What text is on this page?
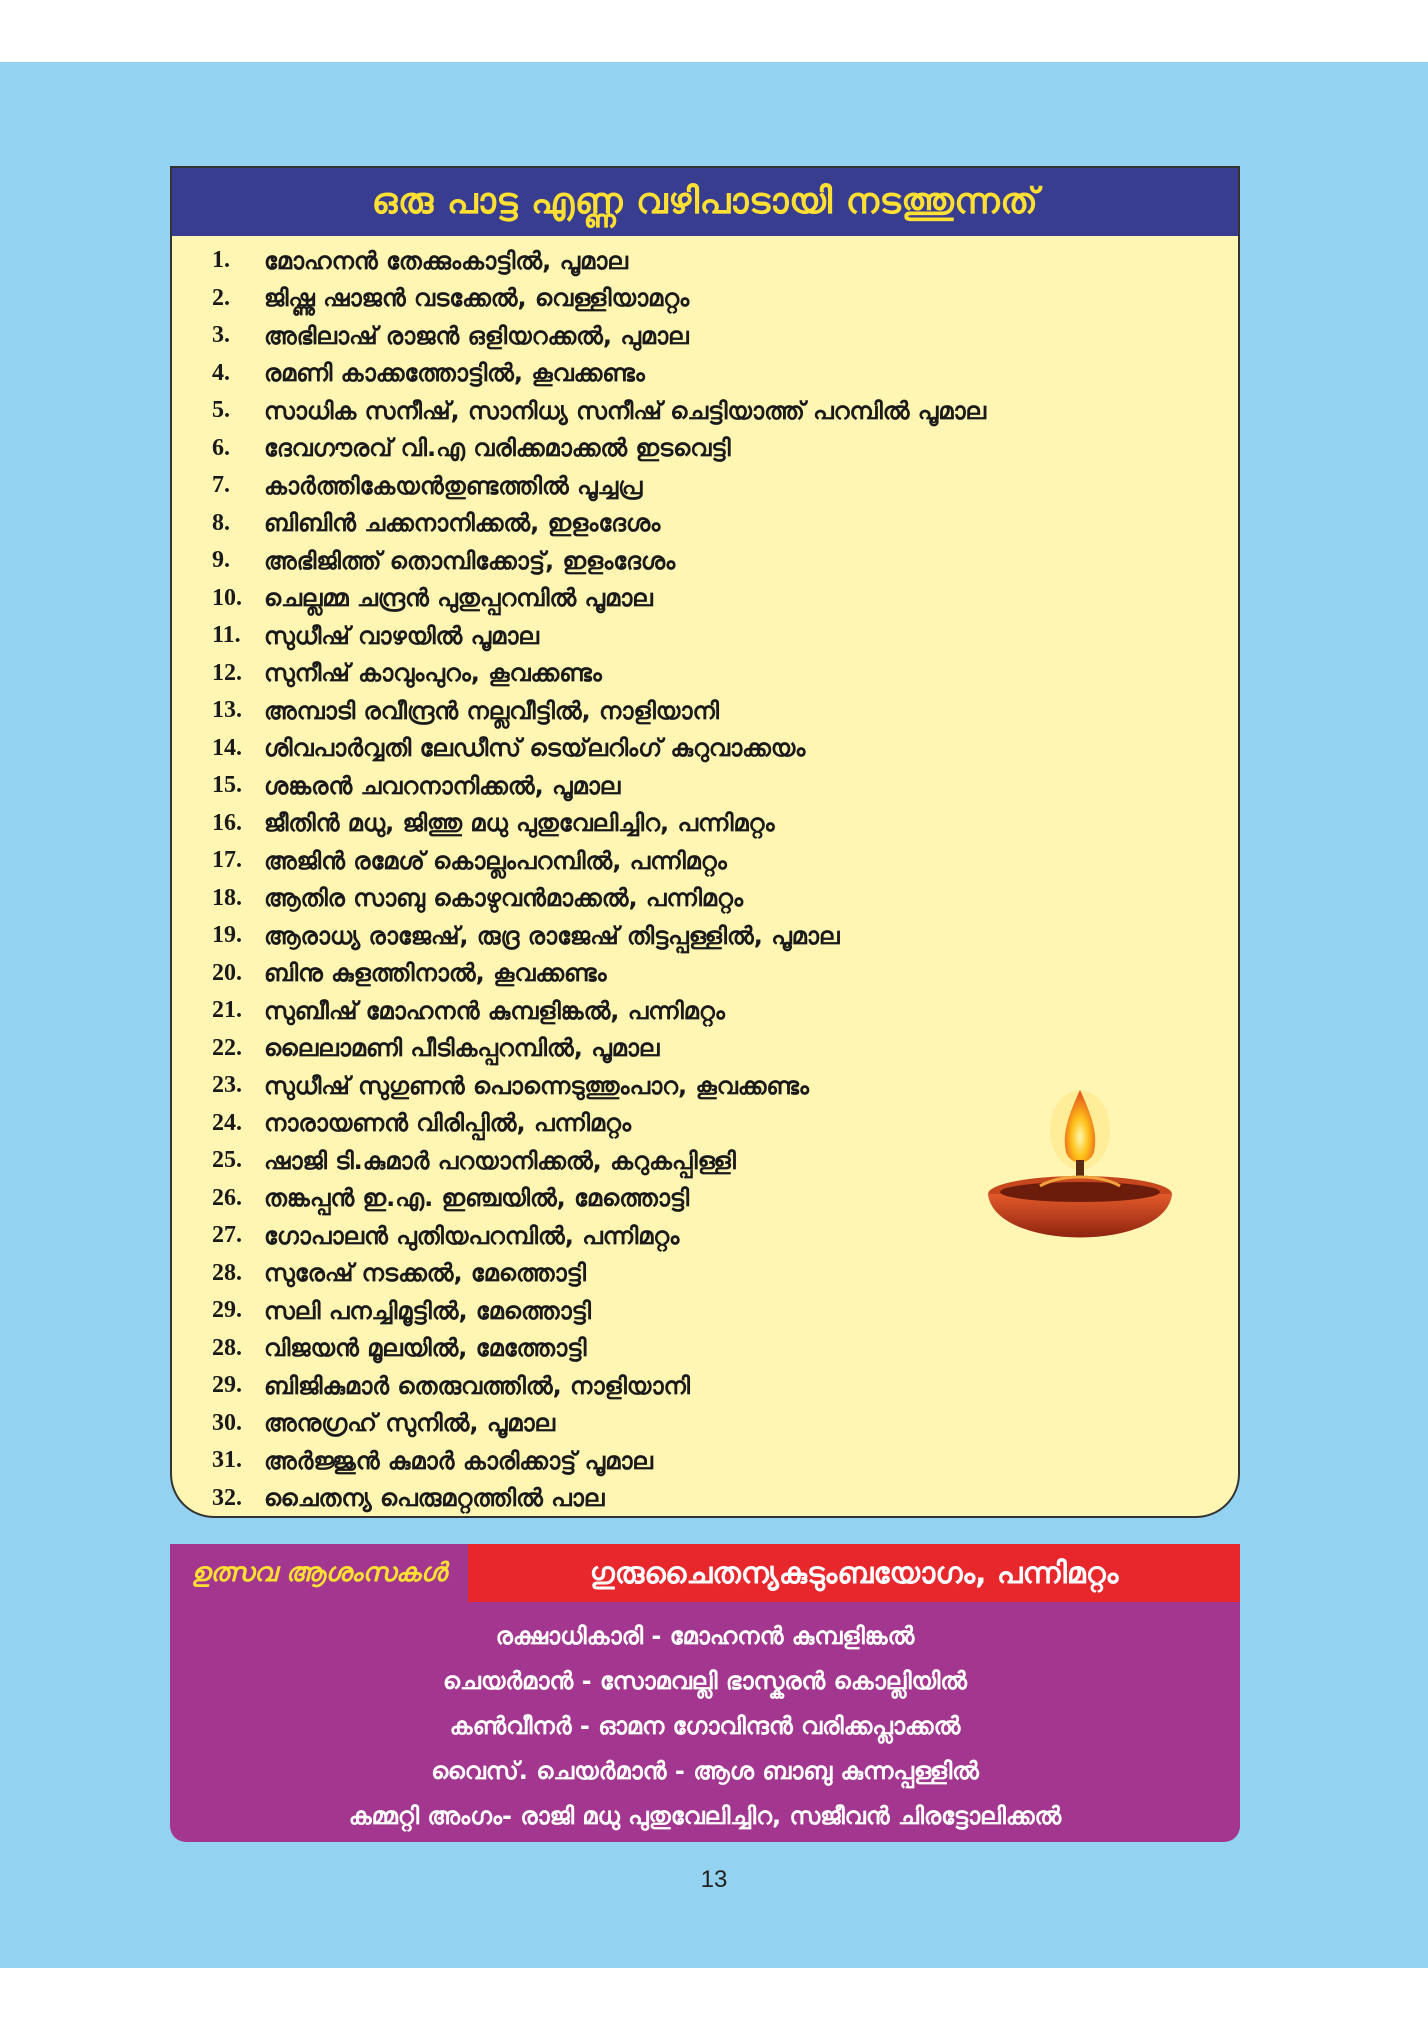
ഒരു പാട്ട എണ്ണ വഴിപാടായി നടത്തുന്നത്
1.	മോഹനൻ തേക്കുംകാട്ടിൽ, പൂമാല
2.	ജിഷ്ണു ഷാജൻ വടക്കേൽ, വെള്ളിയാമറ്റം
3.	അഭിലാഷ് രാജൻ ഒളിയറക്കൽ, പുമാല
4.	രമണി കാക്കത്തോട്ടിൽ, കൂവക്കണ്ടം
5.	സാധിക സനീഷ്, സാനിധ്യ സനീഷ് ചെട്ടിയാത്ത് പറമ്പിൽ പൂമാല
6.	ദേവഗൗരവ് വി.എ വരിക്കമാക്കൽ ഇടവെട്ടി
7.	കാർത്തികേയൻതുണ്ടത്തിൽ പൂച്ചപ്ര
8.	ബിബിൻ ചക്കനാനിക്കൽ, ഇളംദേശം
9.	അഭിജിത്ത് തൊമ്പിക്കോട്ട്, ഇളംദേശം
10. ചെല്ലമ്മ ചന്ദ്രൻ പുതുപ്പറമ്പിൽ പൂമാല
11. സുധീഷ് വാഴയിൽ പൂമാല
12. സുനീഷ് കാവുംപുറം, കൂവക്കണ്ടം
13. അമ്പാടി രവീന്ദ്രൻ നല്ലവീട്ടിൽ, നാളിയാനി
14. ശിവപാർവ്വതി ലേഡീസ് ടെയ്‌ലറിംഗ് കുറുവാക്കയം
15. ശങ്കരൻ ചവറനാനിക്കൽ, പൂമാല
16. ജീതിൻ മധു, ജിത്തു മധു പുതുവേലിച്ചിറ, പന്നിമറ്റം
17. അജിൻ രമേശ് കൊല്ലംപറമ്പിൽ, പന്നിമറ്റം
18. ആതിര സാബു കൊഴുവൻമാക്കൽ, പന്നിമറ്റം
19. ആരാധ്യ രാജേഷ്, രുദ്ര രാജേഷ് തിട്ടപ്പള്ളിൽ, പൂമാല
20. ബിനു കുളത്തിനാൽ, കൂവക്കണ്ടം
21. സുബീഷ് മോഹനൻ കുമ്പളിങ്കൽ, പന്നിമറ്റം
22. ലൈലാമണി പീടികപ്പറമ്പിൽ, പൂമാല
23. സുധീഷ് സുഗുണൻ പൊന്നെടുത്തുംപാറ, കൂവക്കണ്ടം
24. നാരായണൻ വിരിപ്പിൽ, പന്നിമറ്റം
25. ഷാജി ടി.കുമാർ പറയാനിക്കൽ, കറുകപ്പിള്ളി
26. തങ്കപ്പൻ ഇ.എ. ഇഞ്ചയിൽ, മേത്തൊട്ടി
27. ഗോപാലൻ പുതിയപറമ്പിൽ, പന്നിമറ്റം
28. സുരേഷ് നടക്കൽ, മേത്തൊട്ടി
29. സലി പനച്ചിമൂട്ടിൽ, മേത്തൊട്ടി
28. വിജയൻ മൂലയിൽ, മേത്തോട്ടി
29. ബിജികുമാർ തെരുവത്തിൽ, നാളിയാനി
30. അനുഗ്രഹ് സുനിൽ, പൂമാല
31. അർജ്ജുൻ കുമാർ കാരിക്കാട്ട് പൂമാല
32. ചൈതന്യ പെരുമറ്റത്തിൽ പാല
ഉത്സവ ആശംസകൾ	ഗുരുചൈതന്യകുടുംബയോഗം, പന്നിമറ്റം
രക്ഷാധികാരി - മോഹനൻ കുമ്പളിങ്കൽ
ചെയർമാൻ - സോമവല്ലി ഭാസ്കരൻ കൊല്ലിയിൽ
കൺവീനർ - ഓമന ഗോവിന്ദൻ വരിക്കപ്ലാക്കൽ
വൈസ്. ചെയർമാൻ - ആശ ബാബു കുന്നപ്പള്ളിൽ
കമ്മറ്റി അംഗം- രാജി മധു പുതുവേലിച്ചിറ, സജീവൻ ചിരട്ടോലിക്കൽ
13
